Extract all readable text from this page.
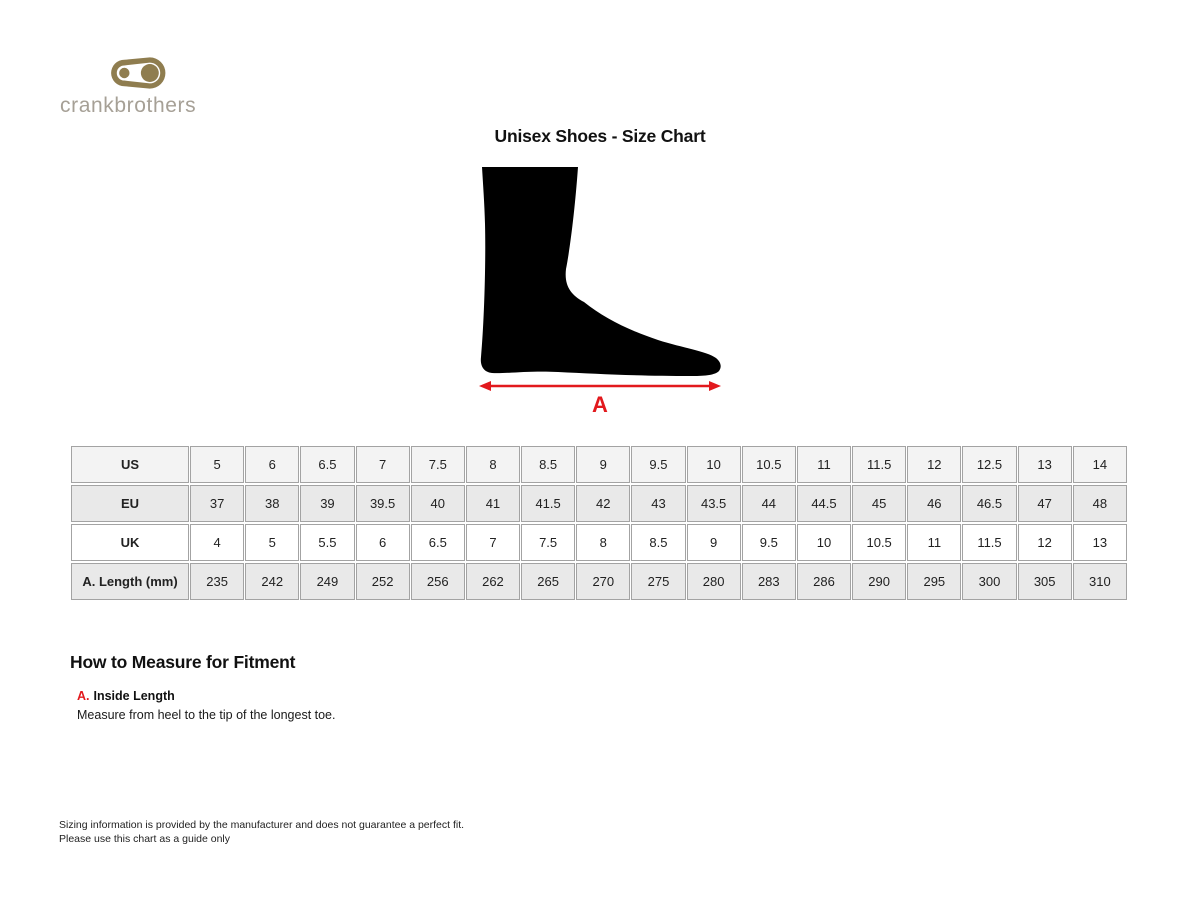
crankbrothers
Unisex Shoes - Size Chart
A
US	5	6	6.5	7	7.5	8	8.5	9	9.5	10	10.5	11	11.5	12	12.5	13	14
EU	37	38	39	39.5	40	41	41.5	42	43	43.5	44	44.5	45	46	46.5	47	48
UK	4	5	5.5	6	6.5	7	7.5	8	8.5	9	9.5	10	10.5	11	11.5	12	13
A. Length (mm)	235	242	249	252	256	262	265	270	275	280	283	286	290	295	300	305	310
How to Measure for Fitment

A. Inside Length

Measure from heel to the tip of the longest toe.

Sizing information is provided by the manufacturer and does not guarantee a perfect fit.
Please use this chart as a guide only
